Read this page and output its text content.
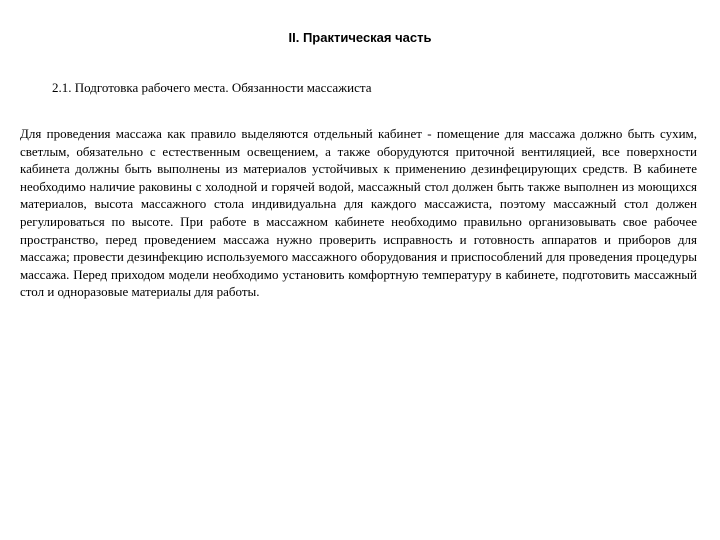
II. Практическая часть
2.1. Подготовка рабочего места. Обязанности массажиста

Для проведения массажа как правило выделяются отдельный кабинет - помещение для массажа должно быть сухим, светлым, обязательно с естественным освещением, а также оборудуются приточной вентиляцией, все поверхности кабинета должны быть выполнены из материалов устойчивых к применению дезинфецирующих средств. В кабинете необходимо наличие раковины с холодной и горячей водой, массажный стол должен быть также выполнен из моющихся материалов, высота массажного стола индивидуальна для каждого массажиста, поэтому массажный стол должен регулироваться по высоте. При работе в массажном кабинете необходимо правильно организовывать свое рабочее пространство, перед проведением массажа нужно проверить исправность и готовность аппаратов и приборов для массажа; провести дезинфекцию используемого массажного оборудования и приспособлений для проведения процедуры массажа. Перед приходом модели необходимо установить комфортную температуру в кабинете, подготовить массажный стол и одноразовые материалы для работы.
